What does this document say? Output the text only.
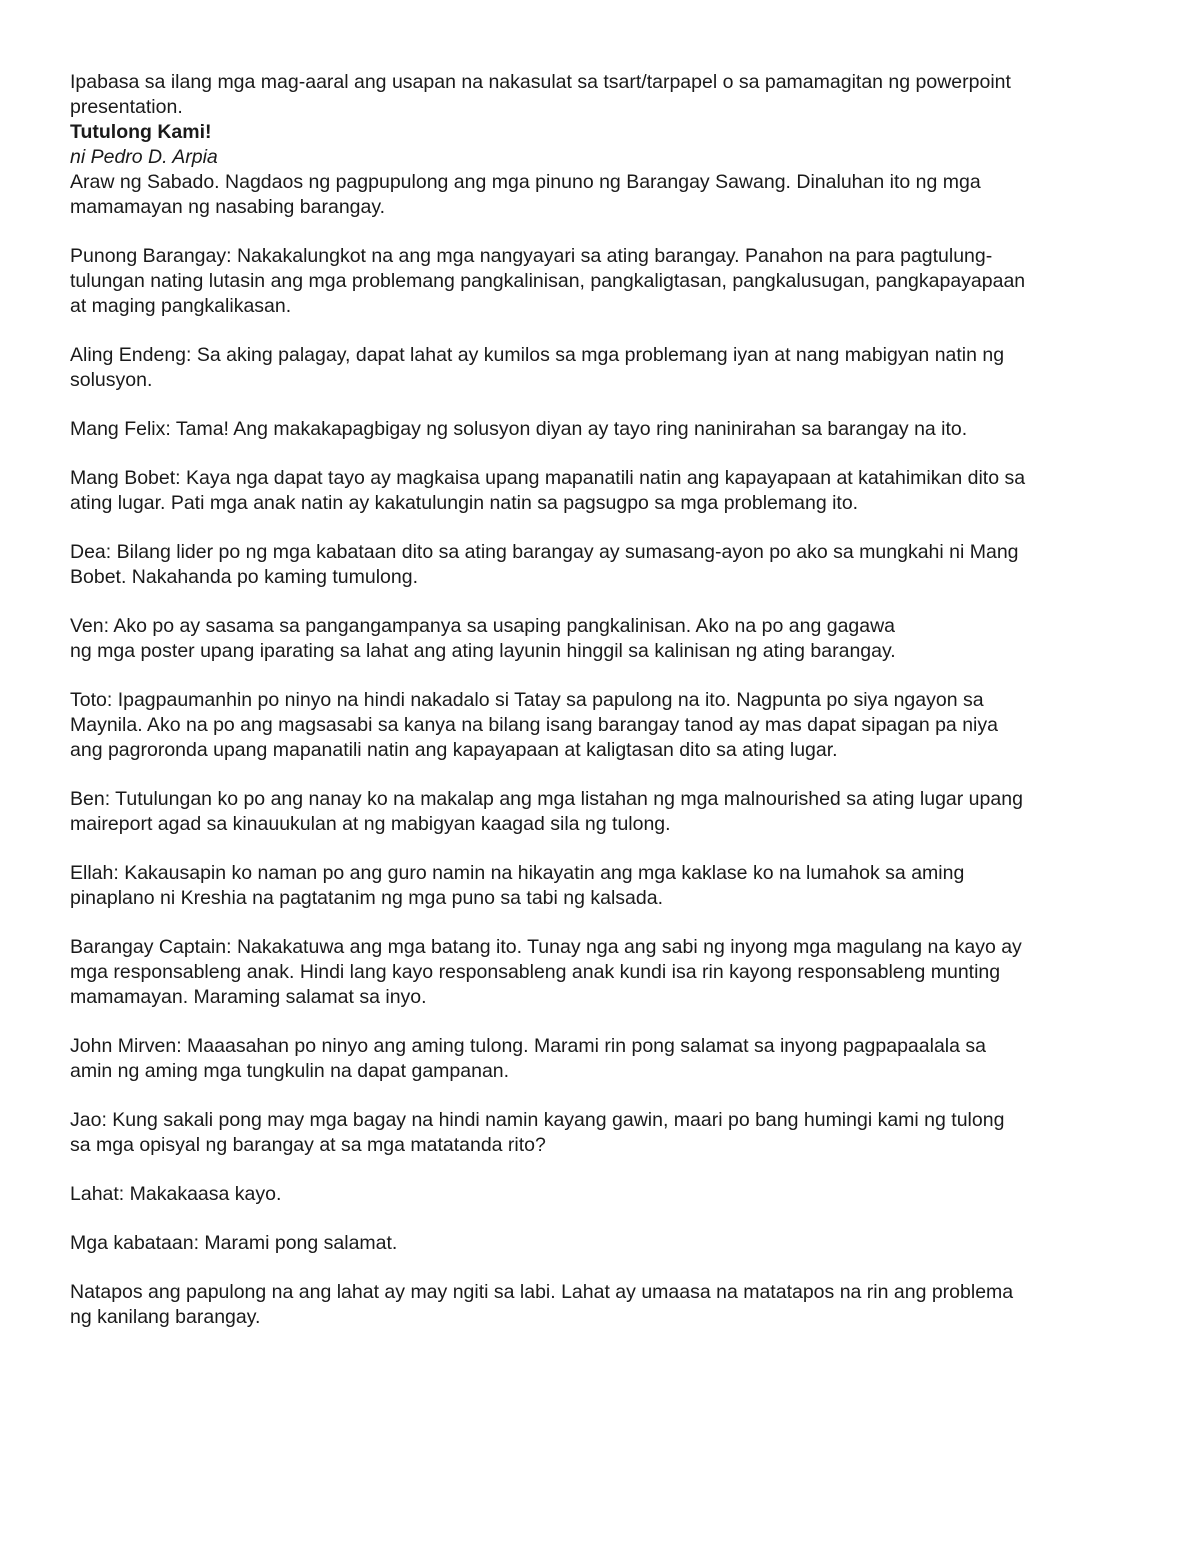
Ipabasa sa ilang mga mag-aaral ang usapan na nakasulat sa tsart/tarpapel o sa pamamagitan ng powerpoint

presentation.

Tutulong Kami!

ni Pedro D. Arpia

Araw ng Sabado. Nagdaos ng pagpupulong ang mga pinuno ng Barangay Sawang. Dinaluhan ito ng mga

mamamayan ng nasabing barangay.

Punong Barangay: Nakakalungkot na ang mga nangyayari sa ating barangay. Panahon na para pagtulung-

tulungan nating lutasin ang mga problemang pangkalinisan, pangkaligtasan, pangkalusugan, pangkapayapaan

at maging pangkalikasan.

Aling Endeng: Sa aking palagay, dapat lahat ay kumilos sa mga problemang iyan at nang mabigyan natin ng

solusyon.

Mang Felix: Tama! Ang makakapagbigay ng solusyon diyan ay tayo ring naninirahan sa barangay na ito.

Mang Bobet: Kaya nga dapat tayo ay magkaisa upang mapanatili natin ang kapayapaan at katahimikan dito sa

ating lugar. Pati mga anak natin ay kakatulungin natin sa pagsugpo sa mga problemang ito.

Dea: Bilang lider po ng mga kabataan dito sa ating barangay ay sumasang-ayon po ako sa mungkahi ni Mang

Bobet. Nakahanda po kaming tumulong.

Ven: Ako po ay sasama sa pangangampanya sa usaping pangkalinisan. Ako na po ang gagawa

ng mga poster upang iparating sa lahat ang ating layunin hinggil sa kalinisan ng ating barangay.

Toto: Ipagpaumanhin po ninyo na hindi nakadalo si Tatay sa papulong na ito. Nagpunta po siya ngayon sa

Maynila. Ako na po ang magsasabi sa kanya na bilang isang barangay tanod ay mas dapat sipagan pa niya

ang pagroronda upang mapanatili natin ang kapayapaan at kaligtasan dito sa ating lugar.

Ben: Tutulungan ko po ang nanay ko na makalap ang mga listahan ng mga malnourished sa ating lugar upang

maireport agad sa kinauukulan at ng mabigyan kaagad sila ng tulong.

Ellah: Kakausapin ko naman po ang guro namin na hikayatin ang mga kaklase ko na lumahok sa aming

pinaplano ni Kreshia na pagtatanim ng mga puno sa tabi ng kalsada.

Barangay Captain: Nakakatuwa ang mga batang ito. Tunay nga ang sabi ng inyong mga magulang na kayo ay

mga responsableng anak. Hindi lang kayo responsableng anak kundi isa rin kayong responsableng munting

mamamayan. Maraming salamat sa inyo.

John Mirven: Maaasahan po ninyo ang aming tulong. Marami rin pong salamat sa inyong pagpapaalala sa

amin ng aming mga tungkulin na dapat gampanan.

Jao: Kung sakali pong may mga bagay na hindi namin kayang gawin, maari po bang humingi kami ng tulong

sa mga opisyal ng barangay at sa mga matatanda rito?

Lahat: Makakaasa kayo.

Mga kabataan: Marami pong salamat.

Natapos ang papulong na ang lahat ay may ngiti sa labi. Lahat ay umaasa na matatapos na rin ang problema

ng kanilang barangay.
